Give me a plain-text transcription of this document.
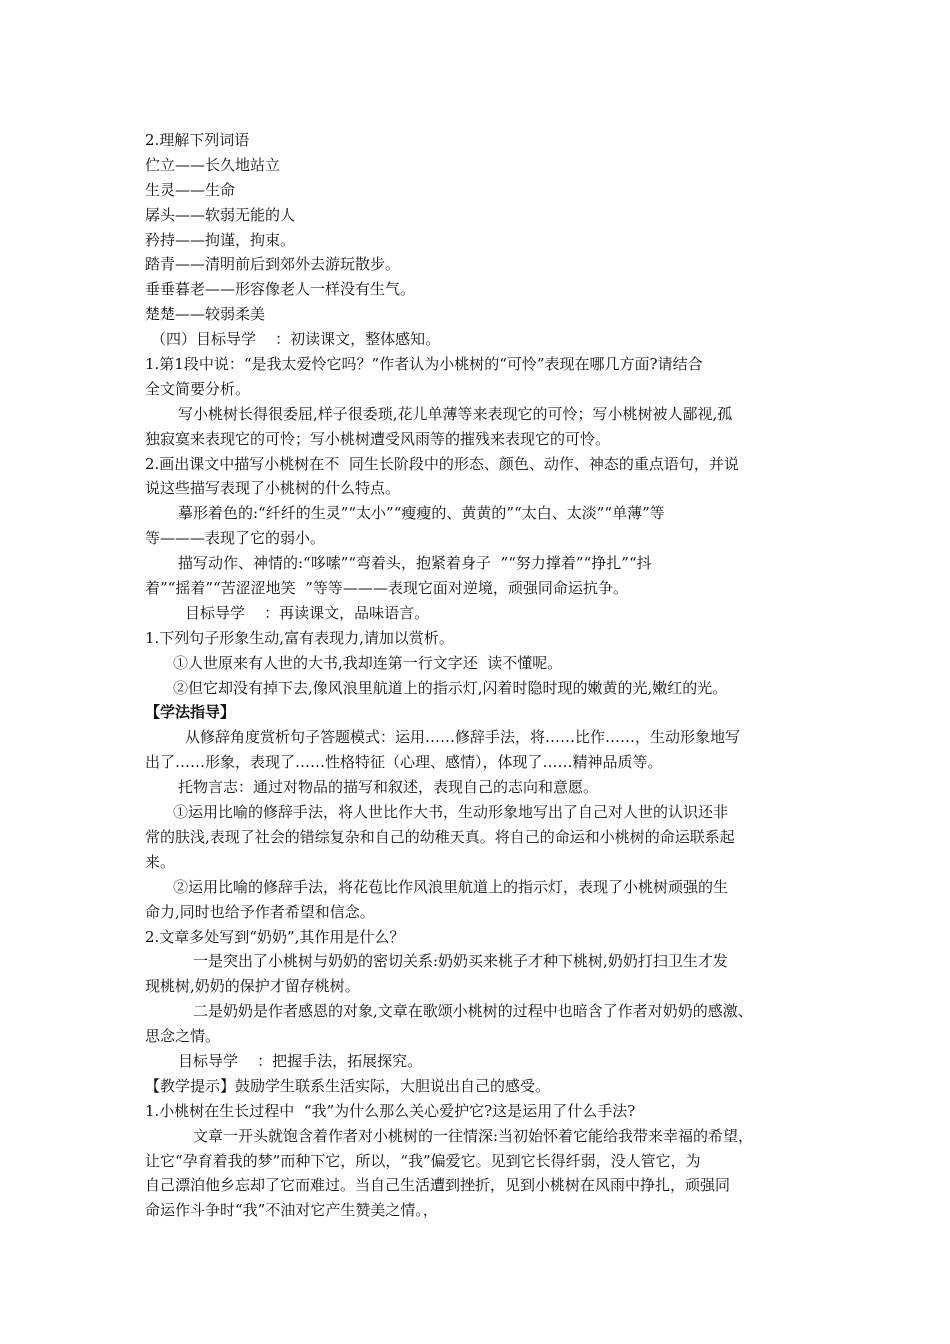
2.理解下列词语
伫立——长久地站立
生灵——生命
孱头——软弱无能的人
矜持——拘谨，拘束。
踏青——清明前后到郊外去游玩散步。
垂垂暮老——形容像老人一样没有生气。
楚楚——较弱柔美
（四）目标导学    ：初读课文，整体感知。
1.第1段中说：“是我太爱怜它吗？”作者认为小桃树的“可怜”表现在哪几方面?请结合
全文简要分析。
写小桃树长得很委屈,样子很委琐,花儿单薄等来表现它的可怜；写小桃树被人鄙视,孤
独寂寞来表现它的可怜；写小桃树遭受风雨等的摧残来表现它的可怜。
2.画出课文中描写小桃树在不  同生长阶段中的形态、颜色、动作、神态的重点语句，并说
说这些描写表现了小桃树的什么特点。
摹形着色的:“纤纤的生灵”“太小”“瘦瘦的、黄黄的”“太白、太淡”“单薄”等
等———表现了它的弱小。
描写动作、神情的:“哆嗦”“弯着头，抱紧着身子  ”“努力撑着”“挣扎”“抖
着”“摇着”“苦涩涩地笑  ”等等———表现它面对逆境，顽强同命运抗争。
目标导学    ：再读课文，品味语言。
1.下列句子形象生动,富有表现力,请加以赏析。
①人世原来有人世的大书,我却连第一行文字还  读不懂呢。
②但它却没有掉下去,像风浪里航道上的指示灯,闪着时隐时现的嫩黄的光,嫩红的光。
【学法指导】
从修辞角度赏析句子答题模式：运用……修辞手法，将……比作……，生动形象地写
出了……形象，表现了……性格特征（心理、感情），体现了……精神品质等。
托物言志：通过对物品的描写和叙述，表现自己的志向和意愿。
①运用比喻的修辞手法，将人世比作大书，生动形象地写出了自己对人世的认识还非
常的肤浅,表现了社会的错综复杂和自己的幼稚天真。将自己的命运和小桃树的命运联系起
来。
②运用比喻的修辞手法，将花苞比作风浪里航道上的指示灯，表现了小桃树顽强的生
命力,同时也给予作者希望和信念。
2.文章多处写到“奶奶”,其作用是什么？
一是突出了小桃树与奶奶的密切关系:奶奶买来桃子才种下桃树,奶奶打扫卫生才发
现桃树,奶奶的保护才留存桃树。
二是奶奶是作者感恩的对象,文章在歌颂小桃树的过程中也暗含了作者对奶奶的感激、
思念之情。
目标导学    ：把握手法，拓展探究。
【教学提示】鼓励学生联系生活实际，大胆说出自己的感受。
1.小桃树在生长过程中  “我”为什么那么关心爱护它?这是运用了什么手法?
文章一开头就饱含着作者对小桃树的一往情深:当初始怀着它能给我带来幸福的希望，
让它“孕育着我的梦”而种下它，所以，“我”偏爱它。见到它长得纤弱，没人管它，为
自己漂泊他乡忘却了它而难过。当自己生活遭到挫折，见到小桃树在风雨中挣扎，顽强同
命运作斗争时“我”不油对它产生赞美之情。，
